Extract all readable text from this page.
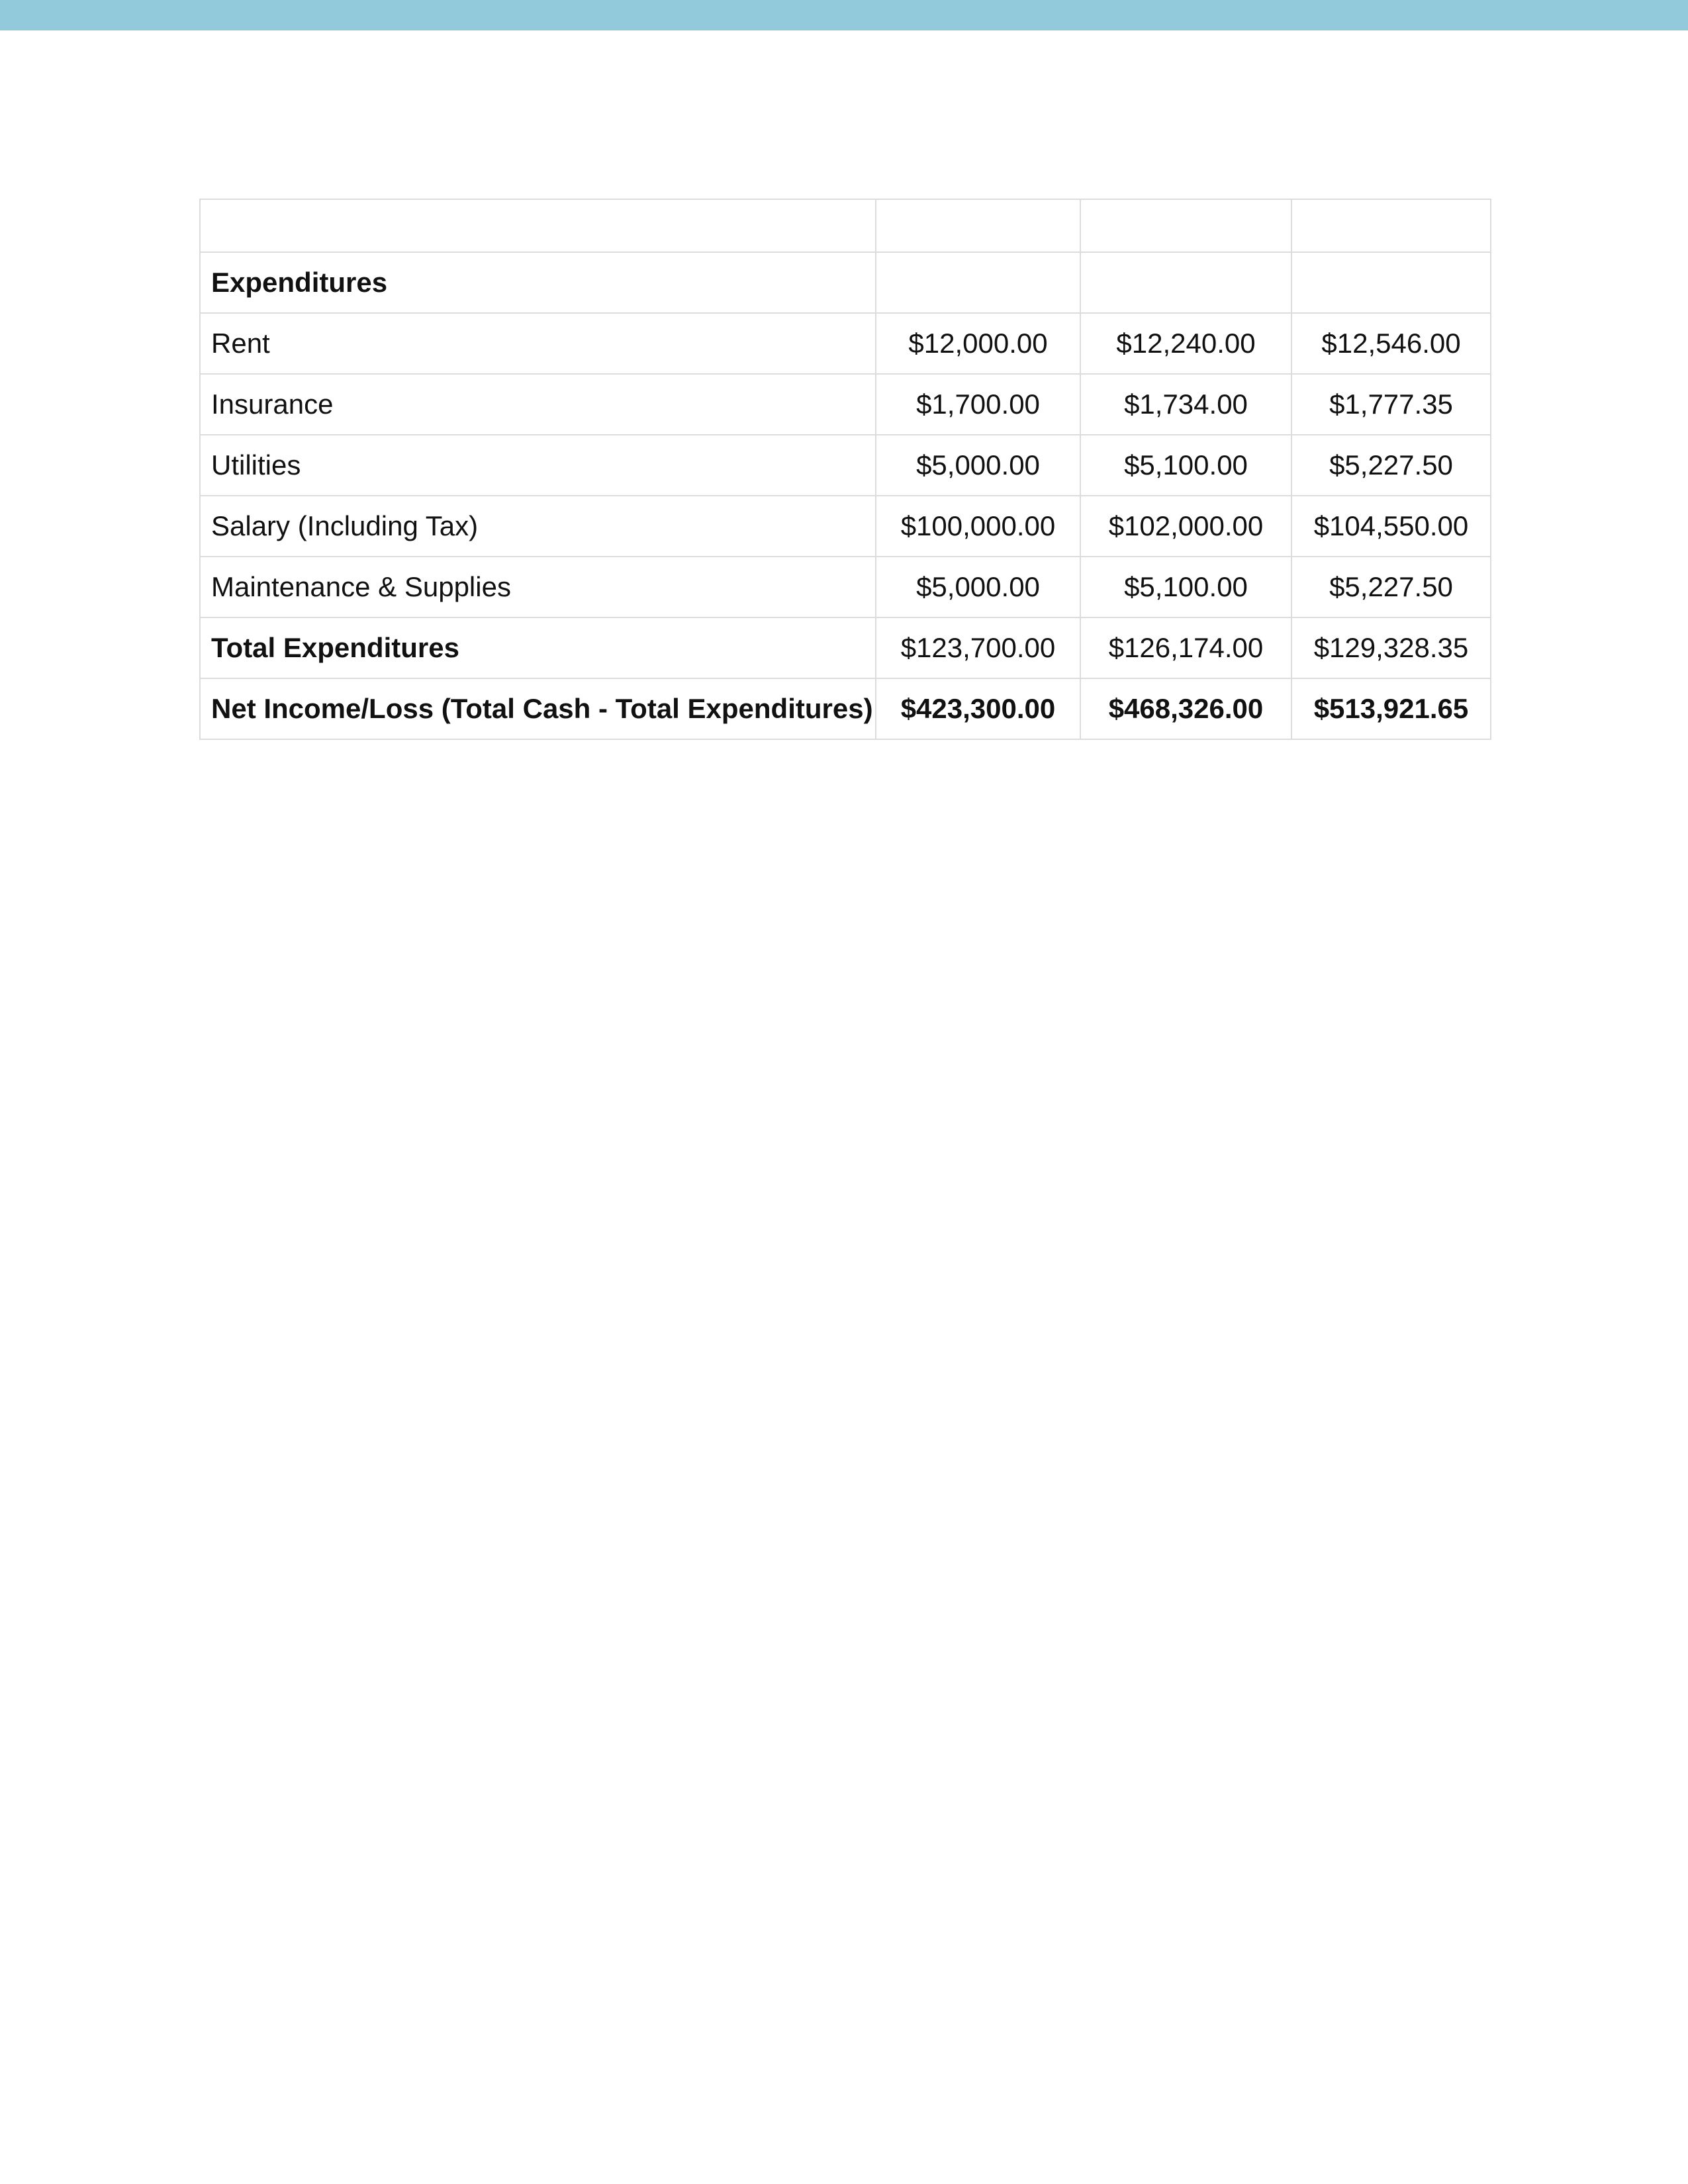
Expenditures			
Rent	$12,000.00	$12,240.00	$12,546.00
Insurance	$1,700.00	$1,734.00	$1,777.35
Utilities	$5,000.00	$5,100.00	$5,227.50
Salary (Including Tax)	$100,000.00	$102,000.00	$104,550.00
Maintenance & Supplies	$5,000.00	$5,100.00	$5,227.50
Total Expenditures	$123,700.00	$126,174.00	$129,328.35
Net Income/Loss (Total Cash - Total Expenditures)	$423,300.00	$468,326.00	$513,921.65
